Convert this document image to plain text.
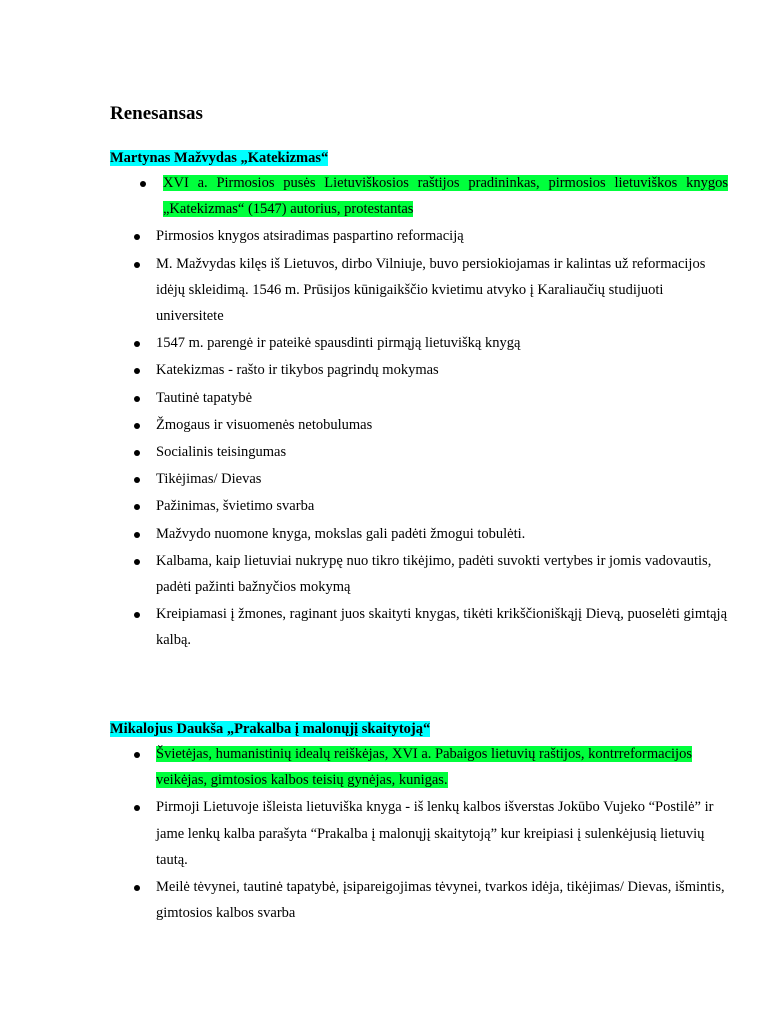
Renesansas
Martynas Mažvydas „Katekizmas“
XVI a. Pirmosios pusės Lietuviškosios raštijos pradininkas, pirmosios lietuviškos knygos „Katekizmas“ (1547) autorius, protestantas
Pirmosios knygos atsiradimas paspartino reformaciją
M. Mažvydas kilęs iš Lietuvos, dirbo Vilniuje, buvo persiokiojamas ir kalintas už reformacijos idėjų skleidimą. 1546 m. Prūsijos kūnigaikščio kvietimu atvyko į Karaliaučių studijuoti universitete
1547 m. parengė ir pateikė spausdinti pirmąją lietuvišką knygą
Katekizmas - rašto ir tikybos pagrindų mokymas
Tautinė tapatybė
Žmogaus ir visuomenės netobulumas
Socialinis teisingumas
Tikėjimas/ Dievas
Pažinimas, švietimo svarba
Mažvydo nuomone knyga, mokslas gali padėti žmogui tobulėti.
Kalbama, kaip lietuviai nukrypę nuo tikro tikėjimo, padėti suvokti vertybes ir jomis vadovautis, padėti pažinti bažnyčios mokymą
Kreipiamasi į žmones, raginant juos skaityti knygas, tikėti krikščioniškąjį Dievą, puoselėti gimtąją kalbą.
Mikalojus Daukša „Prakalba į malonųjį skaitytoją“
Švietėjas, humanistinių idealų reiškėjas, XVI a. Pabaigos lietuvių raštijos, kontrreformacijos veikėjas, gimtosios kalbos teisių gynėjas, kunigas.
Pirmoji Lietuvoje išleista lietuviška knyga - iš lenkų kalbos išverstas Jokūbo Vujeko “Postilė” ir jame lenkų kalba parašyta “Prakalba į malonųjį skaitytoją” kur kreipiasi į sulenkėjusią lietuvių tautą.
Meilė tėvynei, tautinė tapatybė, įsipareigojimas tėvynei, tvarkos idėja, tikėjimas/ Dievas, išmintis, gimtosios kalbos svarba
